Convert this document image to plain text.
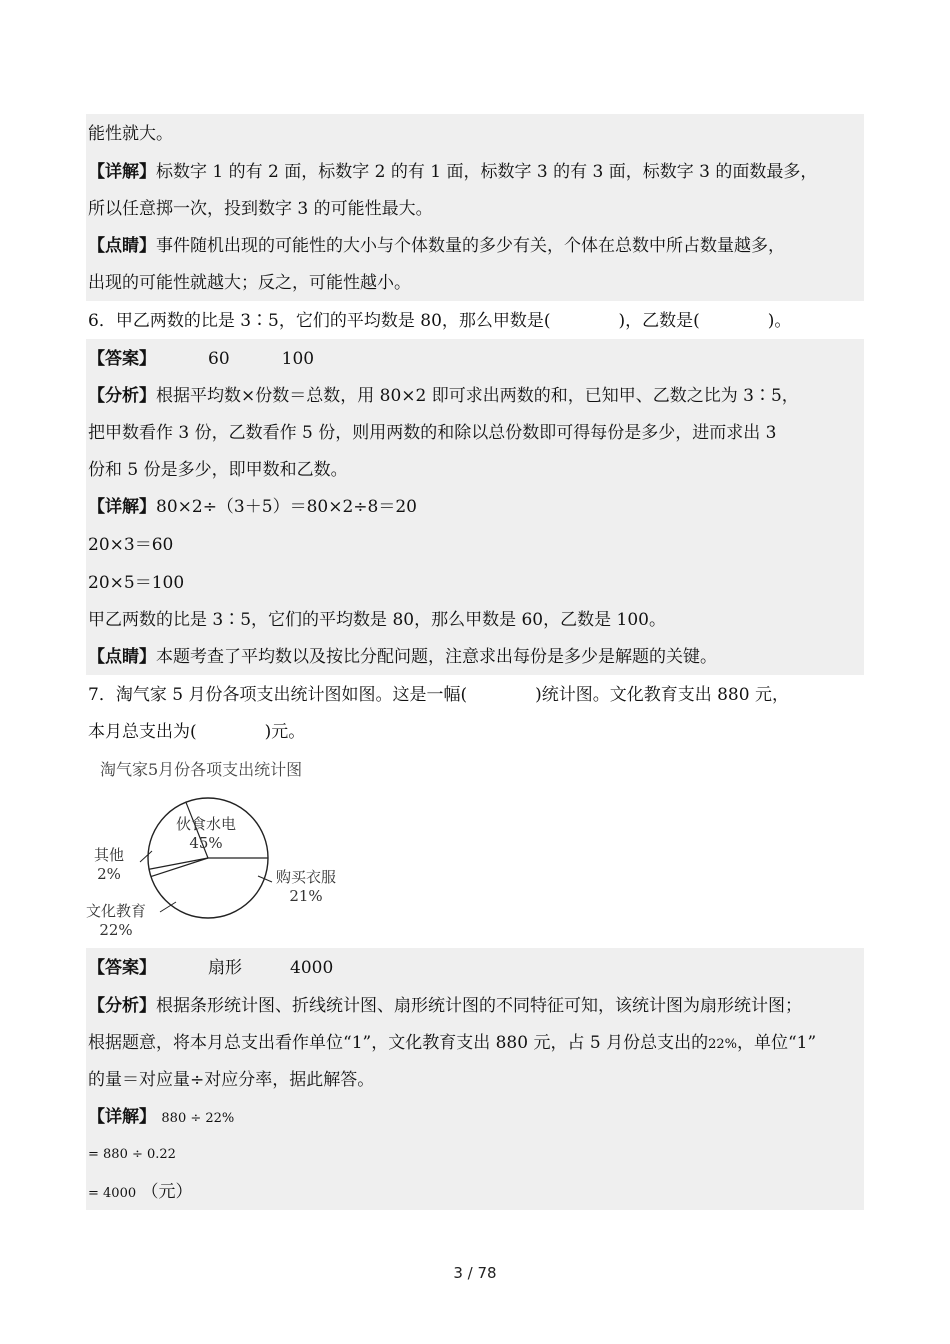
能性就大。
【详解】标数字 1 的有 2 面，标数字 2 的有 1 面，标数字 3 的有 3 面，标数字 3 的面数最多，
所以任意掷一次，投到数字 3 的可能性最大。
【点睛】事件随机出现的可能性的大小与个体数量的多少有关，个体在总数中所占数量越多，
出现的可能性就越大；反之，可能性越小。
6．甲乙两数的比是 3∶5，它们的平均数是 80，那么甲数是(　　　　)，乙数是(　　　　)。
【答案】	60	100
【分析】根据平均数×份数＝总数，用 80×2 即可求出两数的和，已知甲、乙数之比为 3∶5，
把甲数看作 3 份，乙数看作 5 份，则用两数的和除以总份数即可得每份是多少，进而求出 3
份和 5 份是多少，即甲数和乙数。
【详解】80×2÷（3＋5）＝80×2÷8＝20
20×3＝60
20×5＝100
甲乙两数的比是 3∶5，它们的平均数是 80，那么甲数是 60，乙数是 100。
【点睛】本题考查了平均数以及按比分配问题，注意求出每份是多少是解题的关键。
7．淘气家 5 月份各项支出统计图如图。这是一幅(　　　　)统计图。文化教育支出 880 元，
本月总支出为(　　　　)元。
淘气家5月份各项支出统计图
伙食水电
45%
购买衣服
21%
文化教育
22%
其他
2%
【答案】	扇形	4000
【分析】根据条形统计图、折线统计图、扇形统计图的不同特征可知，该统计图为扇形统计图；
根据题意，将本月总支出看作单位“1”，文化教育支出 880 元，占 5 月份总支出的22%，单位“1”
的量＝对应量÷对应分率，据此解答。
【详解】 880 ÷ 22%
= 880 ÷ 0.22
= 4000 （元）
3 / 78
